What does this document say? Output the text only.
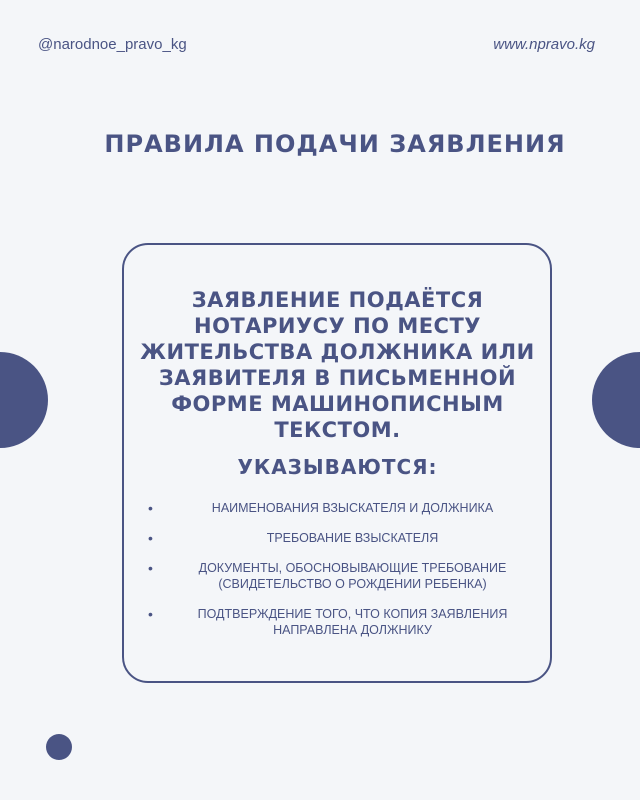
@narodnoe_pravo_kg	www.npravo.kg
ПРАВИЛА ПОДАЧИ ЗАЯВЛЕНИЯ
ЗАЯВЛЕНИЕ ПОДАЁТСЯ НОТАРИУСУ ПО МЕСТУ ЖИТЕЛЬСТВА ДОЛЖНИКА ИЛИ ЗАЯВИТЕЛЯ В ПИСЬМЕННОЙ ФОРМЕ МАШИНОПИСНЫМ ТЕКСТОМ.
УКАЗЫВАЮТСЯ:
•	НАИМЕНОВАНИЯ ВЗЫСКАТЕЛЯ И ДОЛЖНИКА
•	ТРЕБОВАНИЕ ВЗЫСКАТЕЛЯ
•	ДОКУМЕНТЫ, ОБОСНОВЫВАЮЩИЕ ТРЕБОВАНИЕ (СВИДЕТЕЛЬСТВО О РОЖДЕНИИ РЕБЕНКА)
•	ПОДТВЕРЖДЕНИЕ ТОГО, ЧТО КОПИЯ ЗАЯВЛЕНИЯ НАПРАВЛЕНА ДОЛЖНИКУ
